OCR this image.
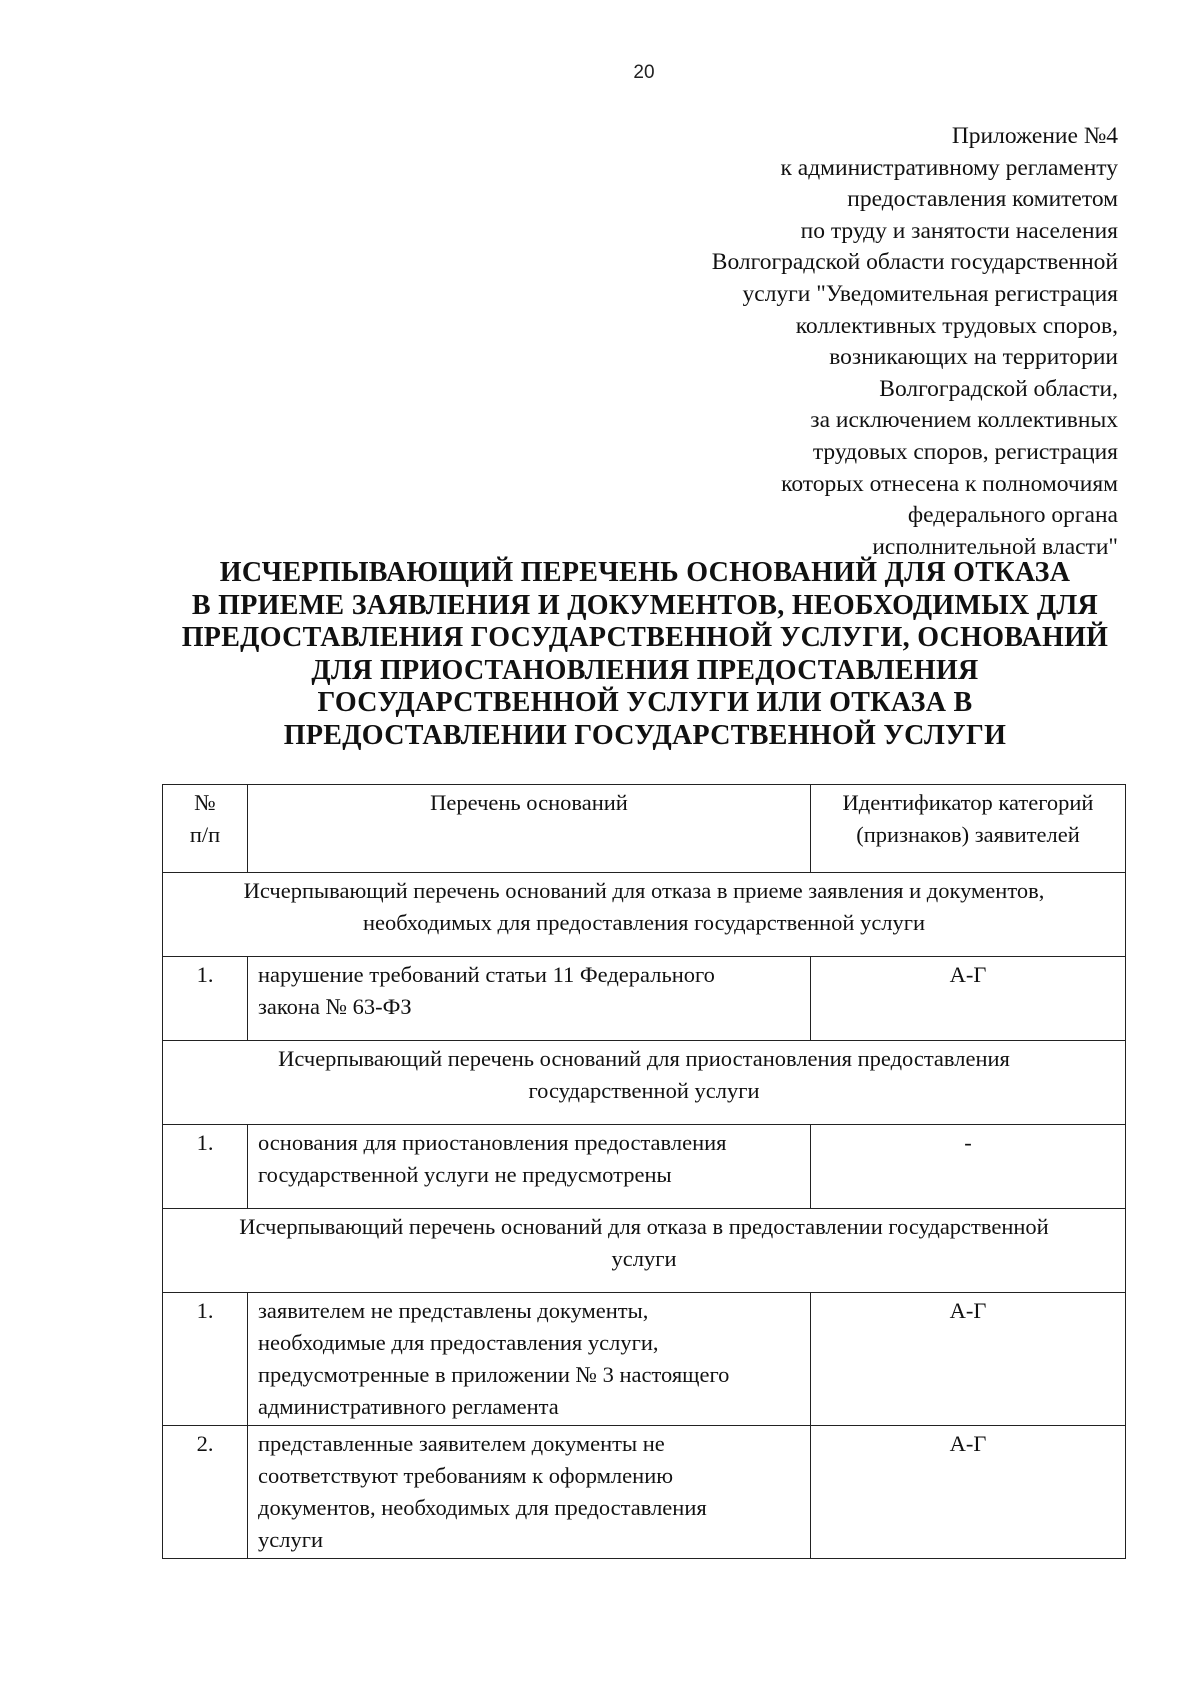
20
Приложение №4
к административному регламенту
предоставления комитетом
по труду и занятости населения
Волгоградской области государственной
услуги "Уведомительная регистрация
коллективных трудовых споров,
возникающих на территории
Волгоградской области,
за исключением коллективных
трудовых споров, регистрация
которых отнесена к полномочиям
федерального органа
исполнительной власти"
ИСЧЕРПЫВАЮЩИЙ ПЕРЕЧЕНЬ ОСНОВАНИЙ ДЛЯ ОТКАЗА
В ПРИЕМЕ ЗАЯВЛЕНИЯ И ДОКУМЕНТОВ, НЕОБХОДИМЫХ ДЛЯ
ПРЕДОСТАВЛЕНИЯ ГОСУДАРСТВЕННОЙ УСЛУГИ, ОСНОВАНИЙ
ДЛЯ ПРИОСТАНОВЛЕНИЯ ПРЕДОСТАВЛЕНИЯ
ГОСУДАРСТВЕННОЙ УСЛУГИ ИЛИ ОТКАЗА В
ПРЕДОСТАВЛЕНИИ ГОСУДАРСТВЕННОЙ УСЛУГИ
№
п/п	Перечень оснований	Идентификатор категорий
(признаков) заявителей

Исчерпывающий перечень оснований для отказа в приеме заявления и документов,
необходимых для предоставления государственной услуги		

1.	нарушение требований статьи 11 Федерального
закона № 63-ФЗ	А-Г

Исчерпывающий перечень оснований для приостановления предоставления
государственной услуги		

1.	основания для приостановления предоставления
государственной услуги не предусмотрены	-

Исчерпывающий перечень оснований для отказа в предоставлении государственной
услуги		

1.	заявителем не представлены документы,
необходимые для предоставления услуги,
предусмотренные в приложении № 3 настоящего
административного регламента	А-Г
2.	представленные заявителем документы не
соответствуют требованиям к оформлению
документов, необходимых для предоставления
услуги	А-Г
